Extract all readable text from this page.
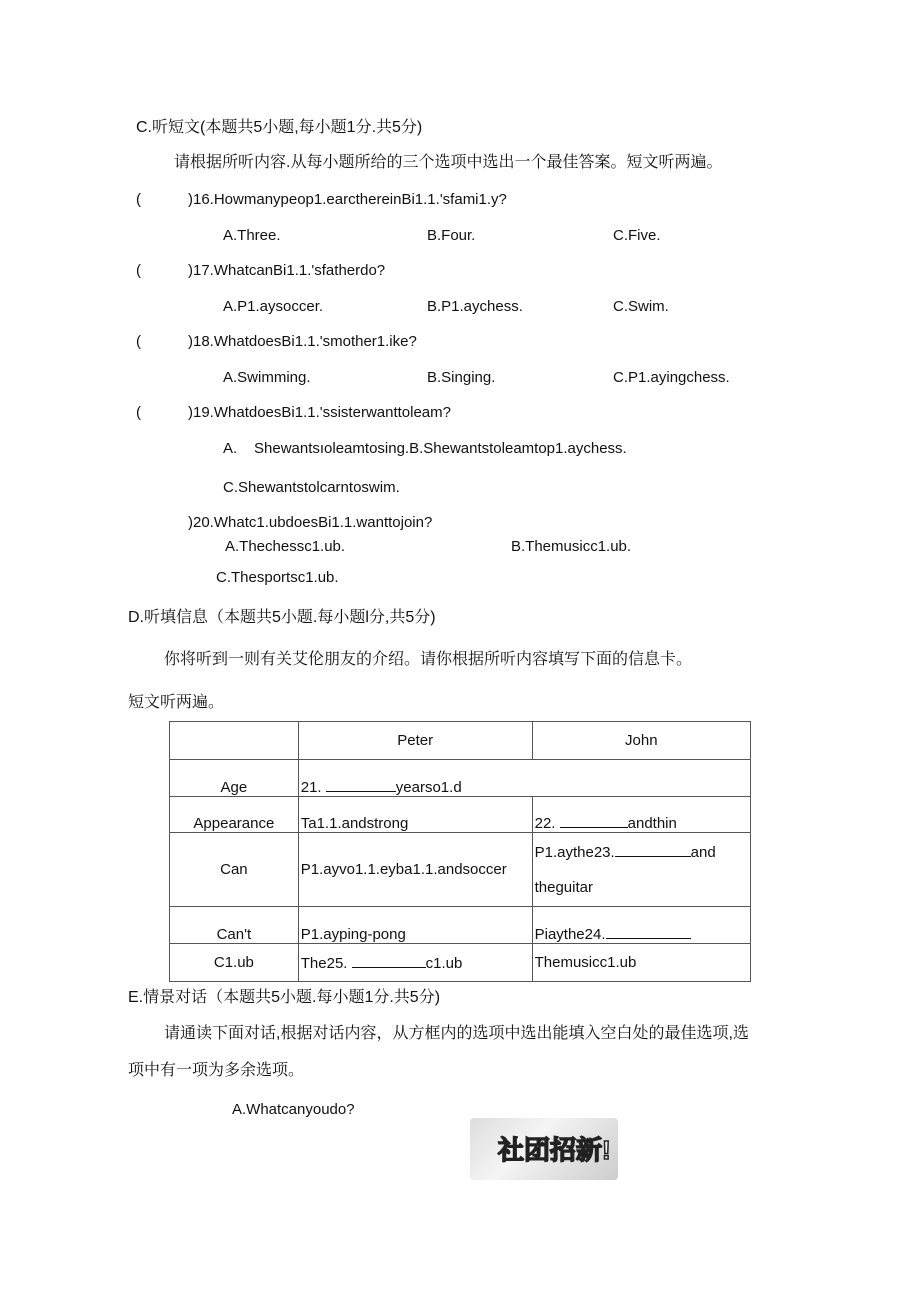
C.听短文(本题共5小题,每小题1分.共5分)
请根据所听内容.从每小题所给的三个选项中选出一个最佳答案。短文听两遍。
(	)16.Howmanypeop1.earcthereinBi1.1.'sfami1.y?
A.Three.	B.Four.	C.Five.
(	)17.WhatcanBi1.1.'sfatherdo?
A.P1.aysoccer.	B.P1.aychess.	C.Swim.
(	)18.WhatdoesBi1.1.'smother1.ike?
A.Swimming.	B.Singing.	C.P1.ayingchess.
(	)19.WhatdoesBi1.1.'ssisterwanttoleam?
A. Shewantsıoleamtosing.B.Shewantstoleamtop1.aychess.
C.Shewantstolcarntoswim.
)20.Whatc1.ubdoesBi1.1.wanttojoin?
A.Thechessc1.ub.	B.Themusicc1.ub.
C.Thesportsc1.ub.
D.听填信息（本题共5小题.每小题l分,共5分)
你将听到一则有关艾伦朋友的介绍。请你根据所听内容填写下面的信息卡。
短文听两遍。
	Peter	John
Age	21. yearso1.d	
Appearance	Ta1.1.andstrong	22. andthin
Can	P1.ayvo1.1.eyba1.1.andsoccer	P1.aythe23. and
theguitar
Can't	P1.ayping-pong	Piaythe24.
C1.ub	The25. c1.ub	Themusicc1.ub
E.情景对话（本题共5小题.每小题1分.共5分)
请通读下面对话,根据对话内容，从方框内的选项中选出能填入空白处的最佳选项,选
项中有一项为多余选项。
A.Whatcanyoudo?
社团招新!
